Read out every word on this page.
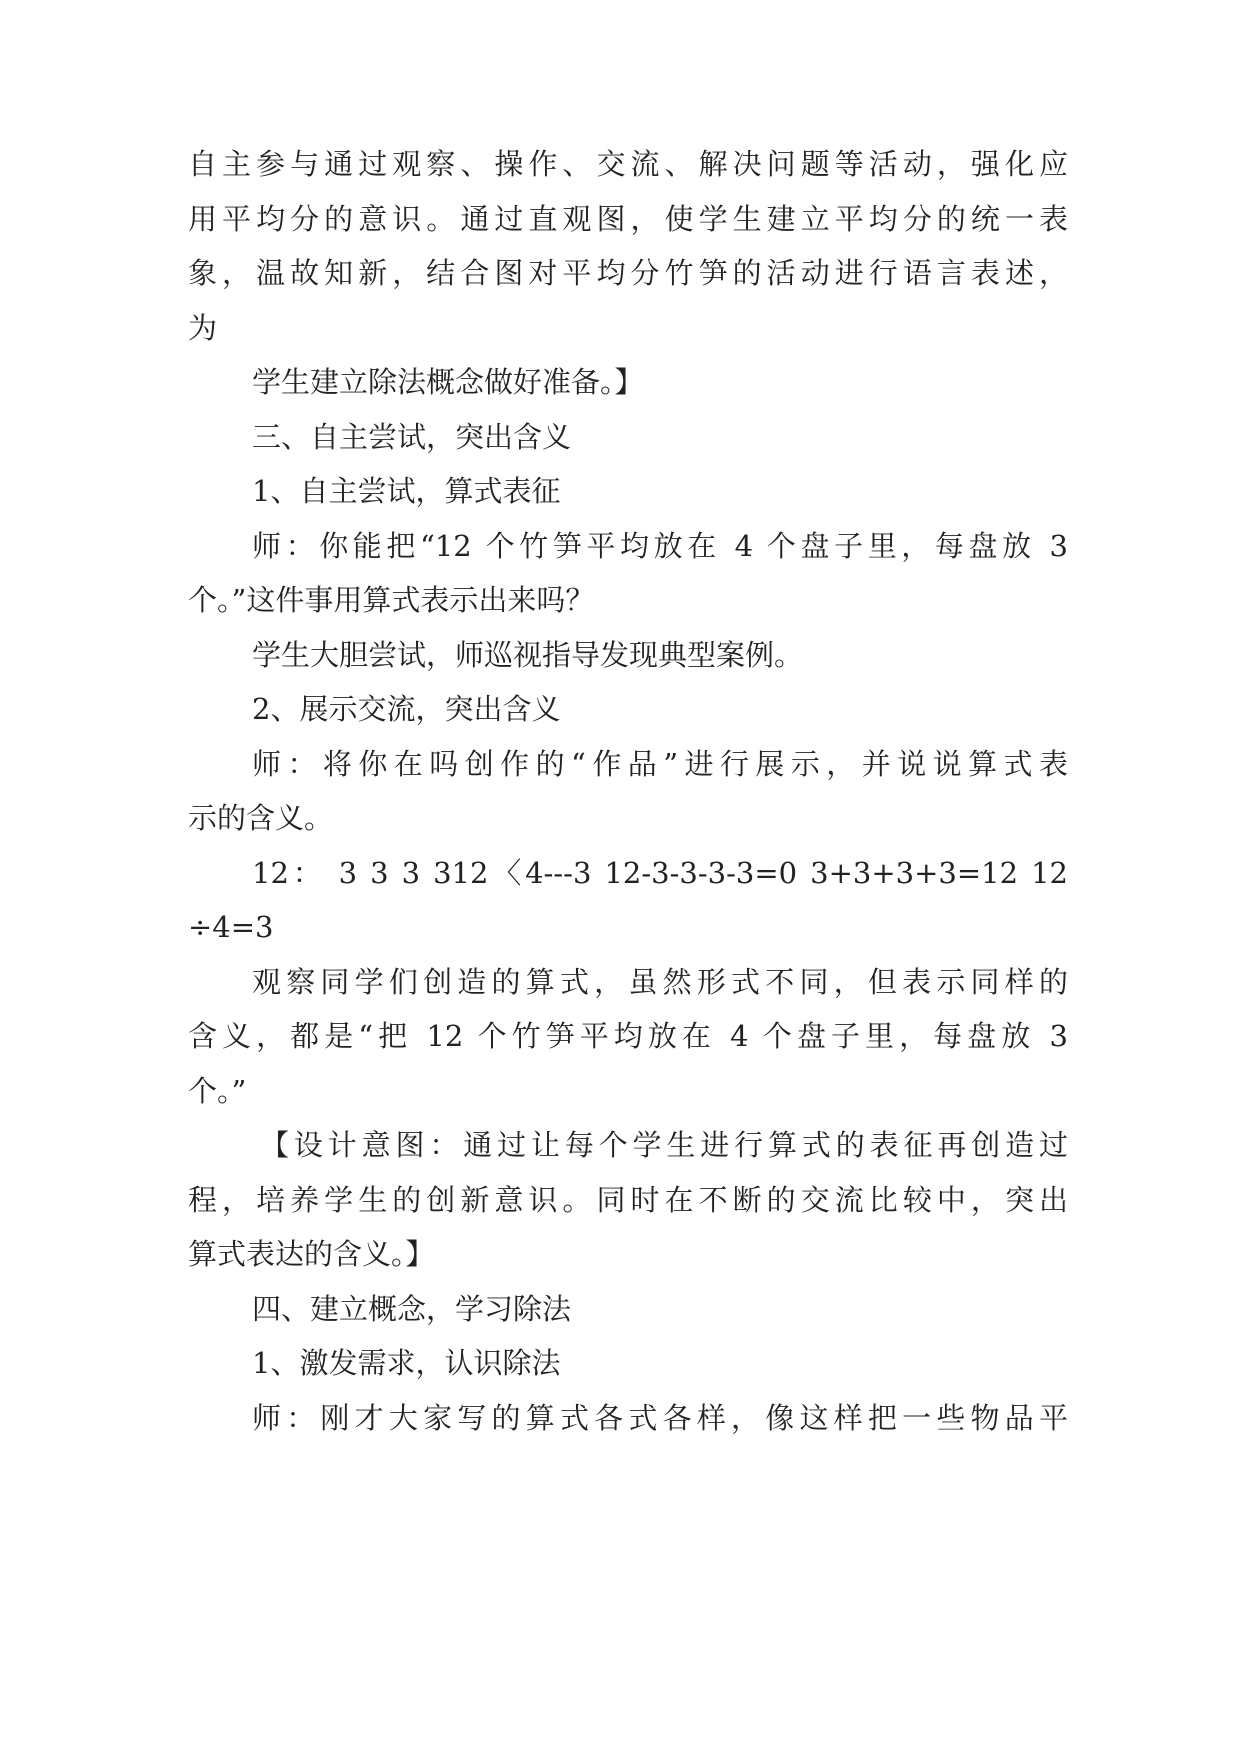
自主参与通过观察、操作、交流、解决问题等活动，强化应

用平均分的意识。通过直观图，使学生建立平均分的统一表

象，温故知新，结合图对平均分竹笋的活动进行语言表述，

为

学生建立除法概念做好准备。】

三、自主尝试，突出含义

1、自主尝试，算式表征

师：你能把“12 个竹笋平均放在 4 个盘子里，每盘放 3

个。”这件事用算式表示出来吗？

学生大胆尝试，师巡视指导发现典型案例。

2、展示交流，突出含义

师：将你在吗创作的“作品”进行展示，并说说算式表

示的含义。

12： 3 3 3 312〈4---3 12-3-3-3-3=0 3+3+3+3=12 12

÷4=3

观察同学们创造的算式，虽然形式不同，但表示同样的

含义，都是“把 12 个竹笋平均放在 4 个盘子里，每盘放 3

个。”

【设计意图：通过让每个学生进行算式的表征再创造过

程，培养学生的创新意识。同时在不断的交流比较中，突出

算式表达的含义。】

四、建立概念，学习除法

1、激发需求，认识除法

师：刚才大家写的算式各式各样，像这样把一些物品平
